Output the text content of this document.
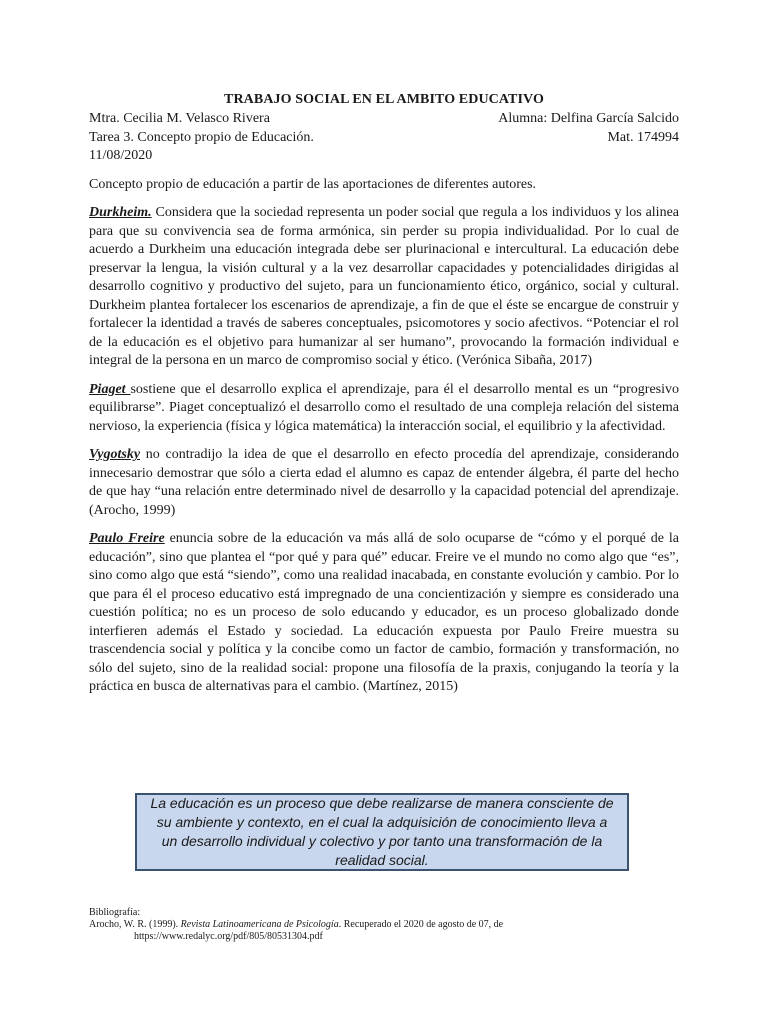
TRABAJO SOCIAL EN EL AMBITO EDUCATIVO
Mtra. Cecilia M. Velasco Rivera	Alumna: Delfina García Salcido
Tarea 3. Concepto propio de Educación.	Mat. 174994
11/08/2020
Concepto propio de educación a partir de las aportaciones de diferentes autores.
Durkheim. Considera que la sociedad representa un poder social que regula a los individuos y los alinea para que su convivencia sea de forma armónica, sin perder su propia individualidad. Por lo cual de acuerdo a Durkheim una educación integrada debe ser plurinacional e intercultural. La educación debe preservar la lengua, la visión cultural y a la vez desarrollar capacidades y potencialidades dirigidas al desarrollo cognitivo y productivo del sujeto, para un funcionamiento ético, orgánico, social y cultural. Durkheim plantea fortalecer los escenarios de aprendizaje, a fin de que el éste se encargue de construir y fortalecer la identidad a través de saberes conceptuales, psicomotores y socio afectivos. “Potenciar el rol de la educación es el objetivo para humanizar al ser humano”, provocando la formación individual e integral de la persona en un marco de compromiso social y ético. (Verónica Sibaña, 2017)
Piaget sostiene que el desarrollo explica el aprendizaje, para él el desarrollo mental es un “progresivo equilibrarse”. Piaget conceptualizó el desarrollo como el resultado de una compleja relación del sistema nervioso, la experiencia (física y lógica matemática) la interacción social, el equilibrio y la afectividad.
Vygotsky no contradijo la idea de que el desarrollo en efecto procedía del aprendizaje, considerando innecesario demostrar que sólo a cierta edad el alumno es capaz de entender álgebra, él parte del hecho de que hay “una relación entre determinado nivel de desarrollo y la capacidad potencial del aprendizaje. (Arocho, 1999)
Paulo Freire enuncia sobre de la educación va más allá de solo ocuparse de “cómo y el porqué de la educación”, sino que plantea el “por qué y para qué” educar. Freire ve el mundo no como algo que “es”, sino como algo que está “siendo”, como una realidad inacabada, en constante evolución y cambio. Por lo que para él el proceso educativo está impregnado de una concientización y siempre es considerado una cuestión política; no es un proceso de solo educando y educador, es un proceso globalizado donde interfieren además el Estado y sociedad. La educación expuesta por Paulo Freire muestra su trascendencia social y política y la concibe como un factor de cambio, formación y transformación, no sólo del sujeto, sino de la realidad social: propone una filosofía de la praxis, conjugando la teoría y la práctica en busca de alternativas para el cambio. (Martínez, 2015)
La educación es un proceso que debe realizarse de manera consciente de su ambiente y contexto, en el cual la adquisición de conocimiento lleva a un desarrollo individual y colectivo y por tanto una transformación de la realidad social.
Bibliografía:
Arocho, W. R. (1999). Revista Latinoamericana de Psicología. Recuperado el 2020 de agosto de 07, de
https://www.redalyc.org/pdf/805/80531304.pdf
